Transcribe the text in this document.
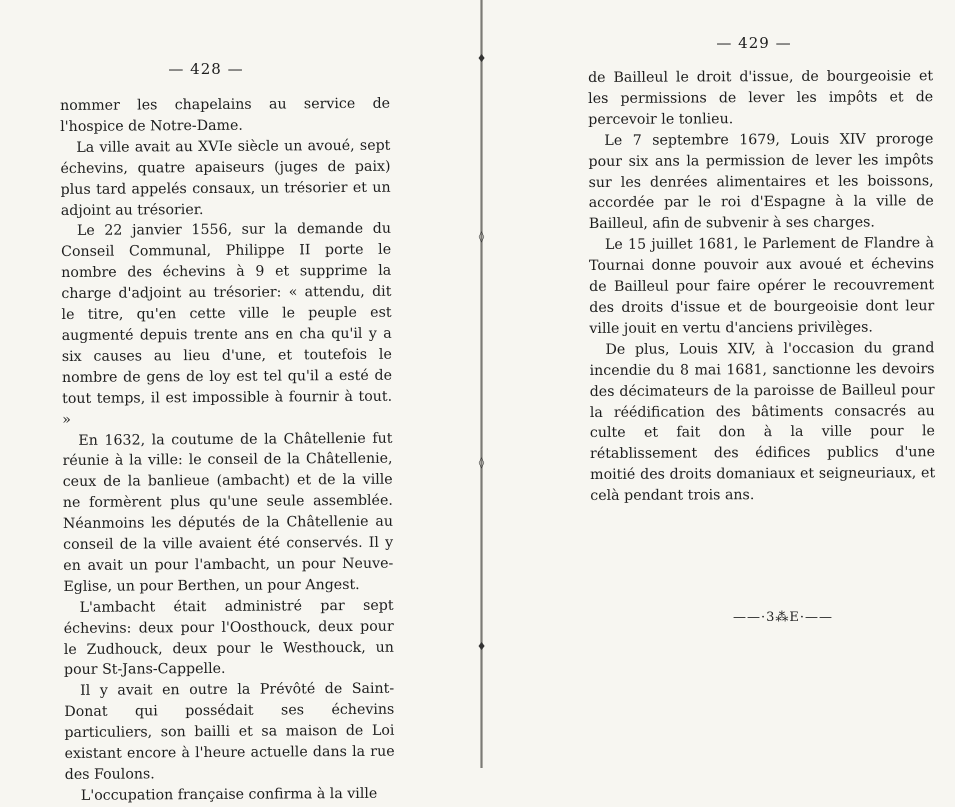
— 428 —

nommer les chapelains au service de l'hospice de Notre-Dame.

La ville avait au XVIe siècle un avoué, sept échevins, quatre apaiseurs (juges de paix) plus tard appelés consaux, un trésorier et un adjoint au trésorier.

Le 22 janvier 1556, sur la demande du Conseil Communal, Philippe II porte le nombre des échevins à 9 et supprime la charge d'adjoint au trésorier: « attendu, dit le titre, qu'en cette ville le peuple est augmenté depuis trente ans en cha qu'il y a six causes au lieu d'une, et toutefois le nombre de gens de loy est tel qu'il a esté de tout temps, il est impossible à fournir à tout. »

En 1632, la coutume de la Châtellenie fut réunie à la ville: le conseil de la Châtellenie, ceux de la banlieue (ambacht) et de la ville ne formèrent plus qu'une seule assemblée. Néanmoins les députés de la Châtellenie au conseil de la ville avaient été conservés. Il y en avait un pour l'ambacht, un pour Neuve-Eglise, un pour Berthen, un pour Angest.

L'ambacht était administré par sept échevins: deux pour l'Oosthouck, deux pour le Zudhouck, deux pour le Westhouck, un pour St-Jans-Cappelle.

Il y avait en outre la Prévôté de Saint-Donat qui possédait ses échevins particuliers, son bailli et sa maison de Loi existant encore à l'heure actuelle dans la rue des Foulons.

L'occupation française confirma à la ville

♦
◊
◊
♦
— 429 —

de Bailleul le droit d'issue, de bourgeoisie et les permissions de lever les impôts et de percevoir le tonlieu.

Le 7 septembre 1679, Louis XIV proroge pour six ans la permission de lever les impôts sur les denrées alimentaires et les boissons, accordée par le roi d'Espagne à la ville de Bailleul, afin de subvenir à ses charges.

Le 15 juillet 1681, le Parlement de Flandre à Tournai donne pouvoir aux avoué et échevins de Bailleul pour faire opérer le recouvrement des droits d'issue et de bourgeoisie dont leur ville jouit en vertu d'anciens privilèges.

De plus, Louis XIV, à l'occasion du grand incendie du 8 mai 1681, sanctionne les devoirs des décimateurs de la paroisse de Bailleul pour la réédification des bâtiments consacrés au culte et fait don à la ville pour le rétablissement des édifices publics d'une moitié des droits domaniaux et seigneuriaux, et celà pendant trois ans.

——·3⁂E·——
